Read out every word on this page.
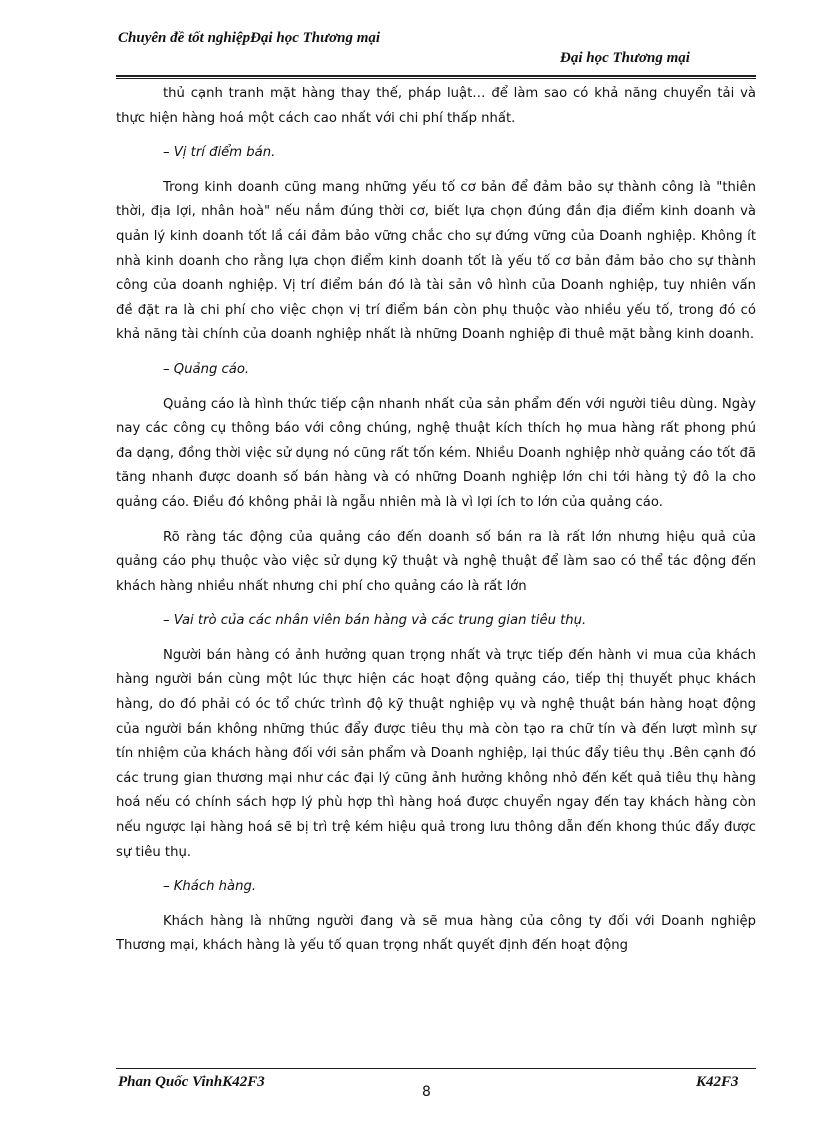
Chuyên đề tốt nghiệpĐại học Thương mại
Đại học Thương mại

thủ cạnh tranh mặt hàng thay thế, pháp luật… để làm sao có khả năng chuyển tải và thực hiện hàng hoá một cách cao nhất với chi phí thấp nhất.

– Vị trí điểm bán.

Trong kinh doanh cũng mang những yếu tố cơ bản để đảm bảo sự thành công là "thiên thời, địa lợi, nhân hoà" nếu nắm đúng thời cơ, biết lựa chọn đúng đắn địa điểm kinh doanh và quản lý kinh doanh tốt lầ cái đảm bảo vững chắc cho sự đứng vững của Doanh nghiệp. Không ít nhà kinh doanh cho rằng lựa chọn điểm kinh doanh tốt là yếu tố cơ bản đảm bảo cho sự thành công của doanh nghiệp. Vị trí điểm bán đó là tài sản vô hình của Doanh nghiệp, tuy nhiên vấn đề đặt ra là chi phí cho việc chọn vị trí điểm bán còn phụ thuộc vào nhiều yếu tố, trong đó có khả năng tài chính của doanh nghiệp nhất là những Doanh nghiệp đi thuê mặt bằng kinh doanh.

– Quảng cáo.

Quảng cáo là hình thức tiếp cận nhanh nhất của sản phẩm đến với người tiêu dùng. Ngày nay các công cụ thông báo với công chúng, nghệ thuật kích thích họ mua hàng rất phong phú đa dạng, đồng thời việc sử dụng nó cũng rất tốn kém. Nhiều Doanh nghiệp nhờ quảng cáo tốt đã tăng nhanh được doanh số bán hàng và có những Doanh nghiệp lớn chi tới hàng tỷ đô la cho quảng cáo. Điều đó không phải là ngẫu nhiên mà là vì lợi ích to lớn của quảng cáo.

Rõ ràng tác động của quảng cáo đến doanh số bán ra là rất lớn nhưng hiệu quả của quảng cáo phụ thuộc vào việc sử dụng kỹ thuật và nghệ thuật để làm sao có thể tác động đến khách hàng nhiều nhất nhưng chi phí cho quảng cáo là rất lớn

– Vai trò của các nhân viên bán hàng và các trung gian tiêu thụ.

Người bán hàng có ảnh hưởng quan trọng nhất và trực tiếp đến hành vi mua của khách hàng người bán cùng một lúc thực hiện các hoạt động quảng cáo, tiếp thị thuyết phục khách hàng, do đó phải có óc tổ chức trình độ kỹ thuật nghiệp vụ và nghệ thuật bán hàng hoạt động của người bán không những thúc đẩy được tiêu thụ mà còn tạo ra chữ tín và đến lượt mình sự tín nhiệm của khách hàng đối với sản phẩm và Doanh nghiệp, lại thúc đẩy tiêu thụ .Bên cạnh đó các trung gian thương mại như các đại lý cũng ảnh hưởng không nhỏ đến kết quả tiêu thụ hàng hoá nếu có chính sách hợp lý phù hợp thì hàng hoá được chuyển ngay đến tay khách hàng còn nếu ngược lại hàng hoá sẽ bị trì trệ kém hiệu quả trong lưu thông dẫn đến khong thúc đẩy được sự tiêu thụ.

– Khách hàng.

Khách hàng là những người đang và sẽ mua hàng của công ty đối với Doanh nghiệp Thương mại, khách hàng là yếu tố quan trọng nhất quyết định đến hoạt động

Phan Quốc VinhK42F3
8
K42F3
